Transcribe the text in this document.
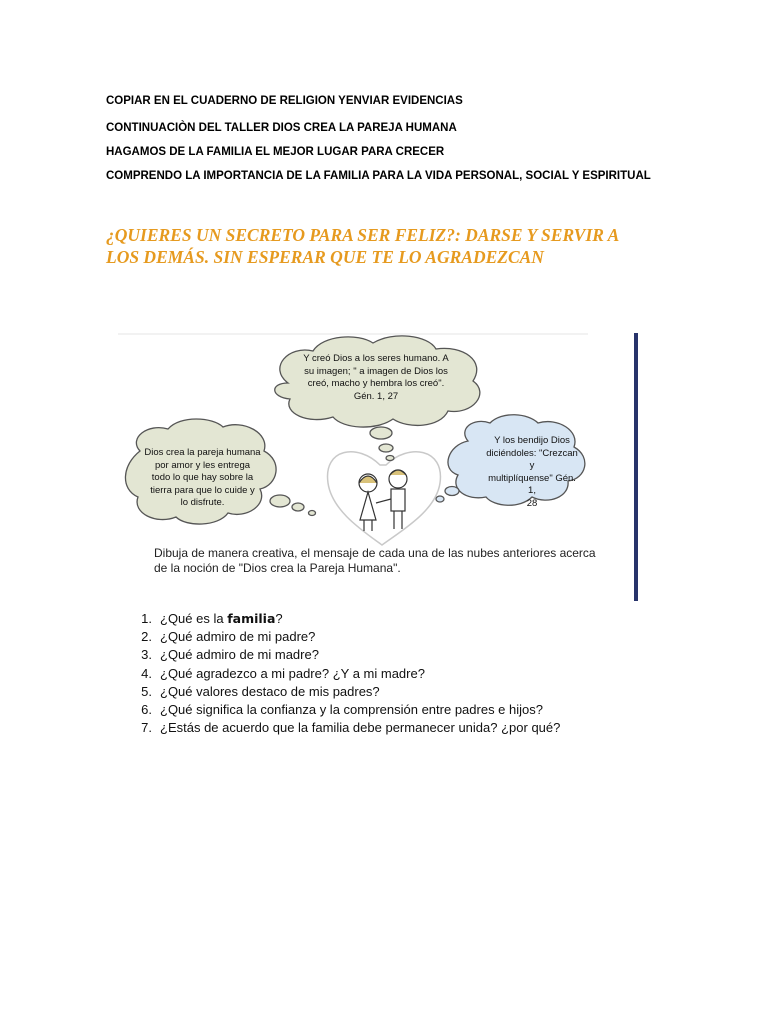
COPIAR EN EL CUADERNO DE RELIGION YENVIAR EVIDENCIAS
CONTINUACIÒN DEL TALLER DIOS CREA LA PAREJA HUMANA
HAGAMOS DE LA FAMILIA EL MEJOR LUGAR PARA CRECER
COMPRENDO LA IMPORTANCIA DE LA FAMILIA PARA LA VIDA PERSONAL, SOCIAL Y ESPIRITUAL
¿QUIERES UN SECRETO PARA SER FELIZ?: DARSE Y SERVIR A
LOS DEMÁS. SIN ESPERAR QUE TE LO AGRADEZCAN
Y creó Dios a los seres humano. A
su imagen; " a imagen de Dios los
creó, macho y hembra los creó".
Gén. 1, 27
Dios crea la pareja humana
por amor y les entrega
todo lo que hay sobre la
tierra para que lo cuide y
lo disfrute.
Y los bendijo Dios
diciéndoles: "Crezcan y
multiplíquense" Gén. 1,
28
Dibuja de manera creativa, el mensaje de cada una de las nubes anteriores acerca
de la noción de "Dios crea la Pareja Humana".
1. ¿Qué es la familia?
2. ¿Qué admiro de mi padre?
3. ¿Qué admiro de mi madre?
4. ¿Qué agradezco a mi padre? ¿Y a mi madre?
5. ¿Qué valores destaco de mis padres?
6. ¿Qué significa la confianza y la comprensión entre padres e hijos?
7. ¿Estás de acuerdo que la familia debe permanecer unida? ¿por qué?
